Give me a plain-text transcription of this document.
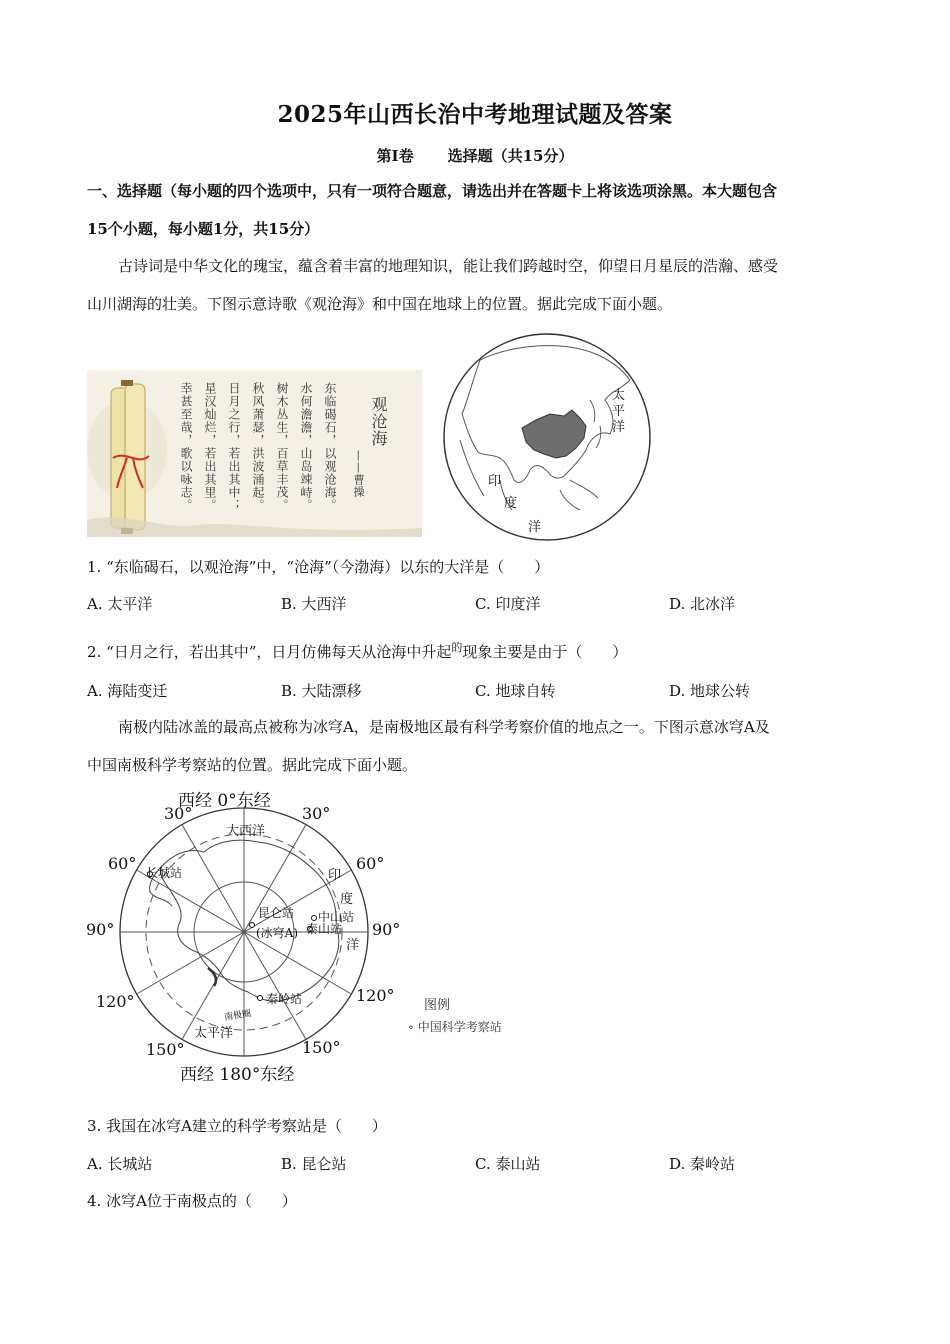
2025年山西长治中考地理试题及答案
第Ⅰ卷 选择题（共15分）
一、选择题（每小题的四个选项中，只有一项符合题意，请选出并在答题卡上将该选项涂黑。本大题包含
15个小题，每小题1分，共15分）
古诗词是中华文化的瑰宝，蕴含着丰富的地理知识，能让我们跨越时空，仰望日月星辰的浩瀚、感受
山川湖海的壮美。下图示意诗歌《观沧海》和中国在地球上的位置。据此完成下面小题。
幸甚至哉，歌以咏志。 星汉灿烂，若出其里。 日月之行，若出其中； 秋风萧瑟，洪波涌起。 树木丛生，百草丰茂。 水何澹澹，山岛竦峙。 东临碣石，以观沧海。 观沧海
——曹操
太平洋
印
度
洋
1. “东临碣石，以观沧海”中，“沧海”（今渤海）以东的大洋是（　　）
A. 太平洋	B. 大西洋	C. 印度洋	D. 北冰洋
2. “日月之行，若出其中”，日月仿佛每天从沧海中升起$^的$现象主要是由于（　　）
A. 海陆变迁	B. 大陆漂移	C. 地球自转	D. 地球公转
南极内陆冰盖的最高点被称为冰穹A，是南极地区最有科学考察价值的地点之一。下图示意冰穹A及
中国南极科学考察站的位置。据此完成下面小题。
西经 0°东经
西经 180°东经
30°	30°
60°	60°
90°	90°
120°	120°
150°	150°
大西洋
太平洋
印
度
洋
长城站
昆仑站
(冰穹A)
中山站
泰山站
秦岭站
南极圈
图例
∘ 中国科学考察站
3. 我国在冰穹A建立的科学考察站是（　　）
A. 长城站	B. 昆仑站	C. 泰山站	D. 秦岭站
4. 冰穹A位于南极点的（　　）
